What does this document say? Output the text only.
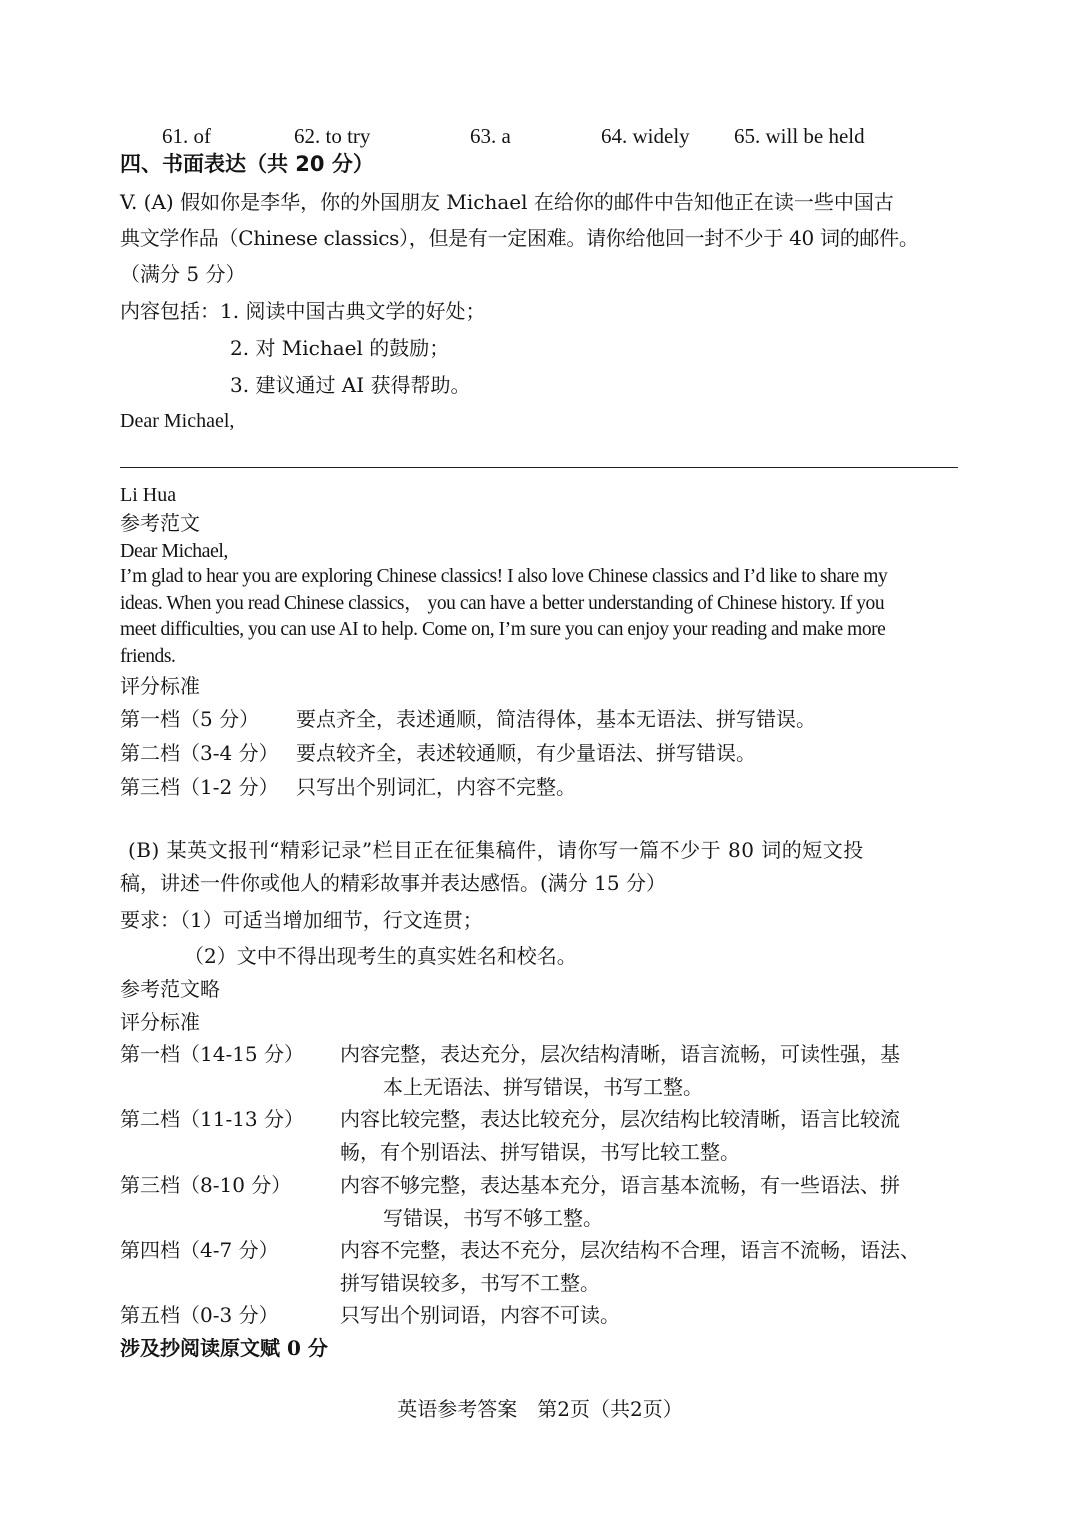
61. of	62. to try	63. a	64. widely 65. will be held
四、书面表达（共 20 分）
V. (A) 假如你是李华，你的外国朋友 Michael 在给你的邮件中告知他正在读一些中国古
典文学作品（Chinese classics），但是有一定困难。请你给他回一封不少于 40 词的邮件。
（满分 5 分）
内容包括：1. 阅读中国古典文学的好处；
2. 对 Michael 的鼓励；
3. 建议通过 AI 获得帮助。
Dear Michael,
Li Hua
参考范文
Dear Michael,

I’m glad to hear you are exploring Chinese classics! I also love Chinese classics and I’d like to share my

ideas. When you read Chinese classics， you can have a better understanding of Chinese history. If you

meet difficulties, you can use AI to help. Come on, I’m sure you can enjoy your reading and make more

friends.

评分标准
第一档（5 分） 要点齐全，表述通顺，简洁得体，基本无语法、拼写错误。
第二档（3-4 分） 要点较齐全，表述较通顺，有少量语法、拼写错误。
第三档（1-2 分） 只写出个别词汇，内容不完整。
(B) 某英文报刊“精彩记录”栏目正在征集稿件，请你写一篇不少于 80 词的短文投
稿，讲述一件你或他人的精彩故事并表达感悟。(满分 15 分）
要求：（1）可适当增加细节，行文连贯；
（2）文中不得出现考生的真实姓名和校名。
参考范文略
评分标准
第一档（14-15 分） 内容完整，表达充分，层次结构清晰，语言流畅，可读性强，基
本上无语法、拼写错误，书写工整。
第二档（11-13 分） 内容比较完整，表达比较充分，层次结构比较清晰，语言比较流
畅，有个别语法、拼写错误，书写比较工整。
第三档（8-10 分） 内容不够完整，表达基本充分，语言基本流畅，有一些语法、拼
写错误，书写不够工整。
第四档（4-7 分）	内容不完整，表达不充分，层次结构不合理，语言不流畅，语法、
拼写错误较多，书写不工整。
第五档（0-3 分）	只写出个别词语，内容不可读。
涉及抄阅读原文赋 0 分
英语参考答案　第2页（共2页）
